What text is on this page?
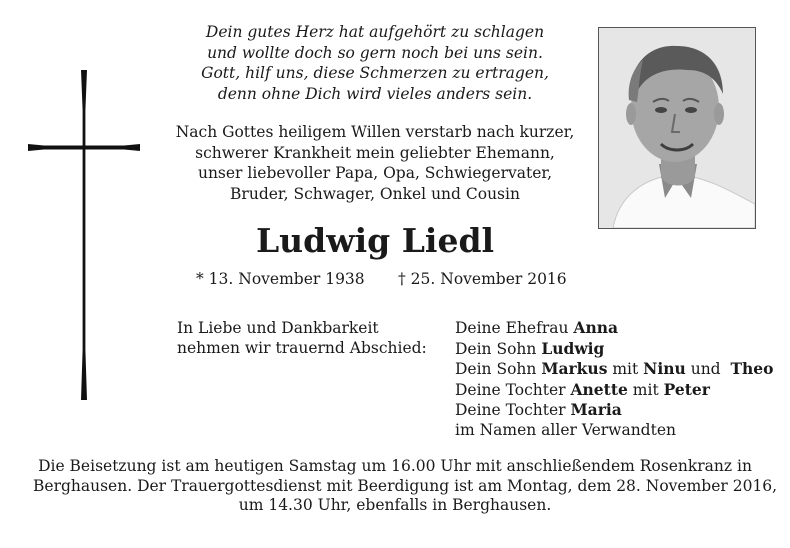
Dein gutes Herz hat aufgehört zu schlagen
und wollte doch so gern noch bei uns sein.
Gott, hilf uns, diese Schmerzen zu ertragen,
denn ohne Dich wird vieles anders sein.
Nach Gottes heiligem Willen verstarb nach kurzer,
schwerer Krankheit mein geliebter Ehemann,
unser liebevoller Papa, Opa, Schwiegervater,
Bruder, Schwager, Onkel und Cousin
Ludwig Liedl
* 13. November 1938 † 25. November 2016
In Liebe und Dankbarkeit
nehmen wir trauernd Abschied:
Deine Ehefrau Anna
Dein Sohn Ludwig
Dein Sohn Markus mit Ninu und  Theo
Deine Tochter Anette mit Peter
Deine Tochter Maria
im Namen aller Verwandten
Die Beisetzung ist am heutigen Samstag um 16.00 Uhr mit anschließendem Rosenkranz in
Berghausen. Der Trauergottesdienst mit Beerdigung ist am Montag, dem 28. November 2016,
um 14.30 Uhr, ebenfalls in Berghausen.
